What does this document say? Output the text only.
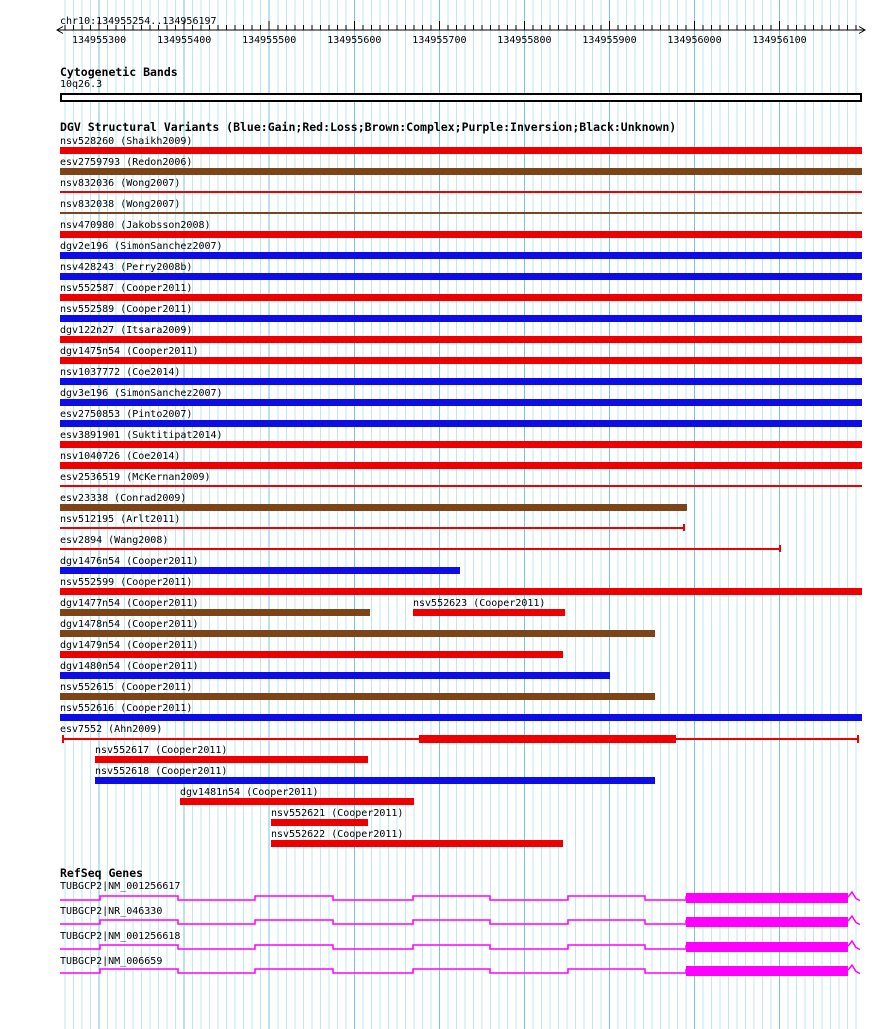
chr10:134955254..134956197
134955300	134955400	134955500	134955600	134955700	134955800	134955900	134956000	134956100
Cytogenetic Bands
10q26.3
DGV Structural Variants (Blue:Gain;Red:Loss;Brown:Complex;Purple:Inversion;Black:Unknown)
nsv528260 (Shaikh2009)
esv2759793 (Redon2006)
nsv832036 (Wong2007)
nsv832038 (Wong2007)
nsv470980 (Jakobsson2008)
dgv2e196 (SimonSanchez2007)
nsv428243 (Perry2008b)
nsv552587 (Cooper2011)
nsv552589 (Cooper2011)
dgv122n27 (Itsara2009)
dgv1475n54 (Cooper2011)
nsv1037772 (Coe2014)
dgv3e196 (SimonSanchez2007)
esv2750853 (Pinto2007)
esv3891901 (Suktitipat2014)
nsv1040726 (Coe2014)
esv2536519 (McKernan2009)
esv23338 (Conrad2009)
nsv512195 (Arlt2011)
esv2894 (Wang2008)
dgv1476n54 (Cooper2011)
nsv552599 (Cooper2011)
dgv1477n54 (Cooper2011)	nsv552623 (Cooper2011)
dgv1478n54 (Cooper2011)
dgv1479n54 (Cooper2011)
dgv1480n54 (Cooper2011)
nsv552615 (Cooper2011)
nsv552616 (Cooper2011)
esv7552 (Ahn2009)
nsv552617 (Cooper2011)
nsv552618 (Cooper2011)
dgv1481n54 (Cooper2011)
nsv552621 (Cooper2011)
nsv552622 (Cooper2011)
RefSeq Genes
TUBGCP2|NM_001256617
TUBGCP2|NR_046330
TUBGCP2|NM_001256618
TUBGCP2|NM_006659
